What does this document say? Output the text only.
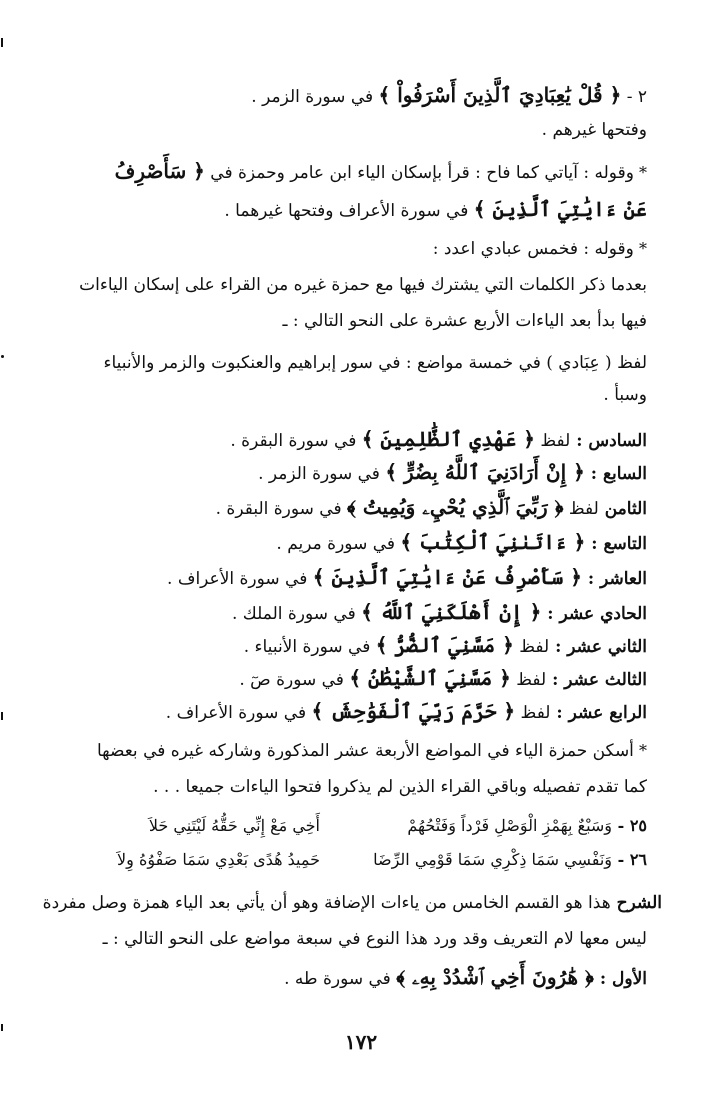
٢ - ﴿ قُلْ يَٰعِبَادِيَ ٱلَّذِينَ أَسْرَفُواْ ﴾ في سورة الزمر .
وفتحها غيرهم .
* وقوله : آياتي كما فاح : قرأ بإسكان الياء ابن عامر وحمزة في ﴿ سَأَصْرِفُ
عَنْ ءَايَٰتِيَ ٱلَّذِينَ ﴾ في سورة الأعراف وفتحها غيرهما .
* وقوله : فخمس عبادي اعدد :
بعدما ذكر الكلمات التي يشترك فيها مع حمزة غيره من القراء على إسكان الياءات
فيها بدأ بعد الياءات الأربع عشرة على النحو التالي : ـ
لفظ ( عِبَادي ) في خمسة مواضع : في سور إبراهيم والعنكبوت والزمر والأنبياء
وسبأ .
السادس : لفظ ﴿ عَهْدِي ٱلظَّٰلِمِينَ ﴾ في سورة البقرة .
السابع : ﴿ إِنْ أَرَادَنِيَ ٱللَّهُ بِضُرٍّ ﴾ في سورة الزمر .
الثامن لفظ ﴿ رَبِّيَ ٱلَّذِي يُحْيِۦ وَيُمِيتُ ﴾ في سورة البقرة .
التاسع : ﴿ ءَاتَىٰنِيَ ٱلْكِتَٰبَ ﴾ في سورة مريم .
العاشر : ﴿ سَأَصْرِفُ عَنْ ءَايَٰتِيَ ٱلَّذِينَ ﴾ في سورة الأعراف .
الحادي عشر : ﴿ إِنْ أَهْلَكَنِيَ ٱللَّهُ ﴾ في سورة الملك .
الثاني عشر : لفظ ﴿ مَسَّنِيَ ٱلضُّرُّ ﴾ في سورة الأنبياء .
الثالث عشر : لفظ ﴿ مَسَّنِيَ ٱلشَّيْطَٰنُ ﴾ في سورة صٓ .
الرابع عشر : لفظ ﴿ حَرَّمَ رَبِّيَ ٱلْفَوَٰحِشَ ﴾ في سورة الأعراف .
* أسكن حمزة الياء في المواضع الأربعة عشر المذكورة وشاركه غيره في بعضها
كما تقدم تفصيله وباقي القراء الذين لم يذكروا فتحوا الياءات جميعا . . .
٢٥ - وَسَبْعٌ بِهَمْزِ الْوَصْلِ فَرْداً وَفَتْحُهُمْ
أَخِي مَعْ إِنِّي حَقُّهُ لَيْتَنِي حَلاَ
٢٦ - وَنَفْسِي سَمَا ذِكْرِي سَمَا قَوْمِي الرِّضَا
حَمِيدُ هُدًى بَعْدِي سَمَا صَفْوُهُ وِلاَ
الشرح هذا هو القسم الخامس من ياءات الإضافة وهو أن يأتي بعد الياء همزة وصل مفردة
ليس معها لام التعريف وقد ورد هذا النوع في سبعة مواضع على النحو التالي : ـ
الأول : ﴿ هَٰرُونَ أَخِي ٱشْدُدْ بِهِۦ ﴾ في سورة طه .
١٧٢
